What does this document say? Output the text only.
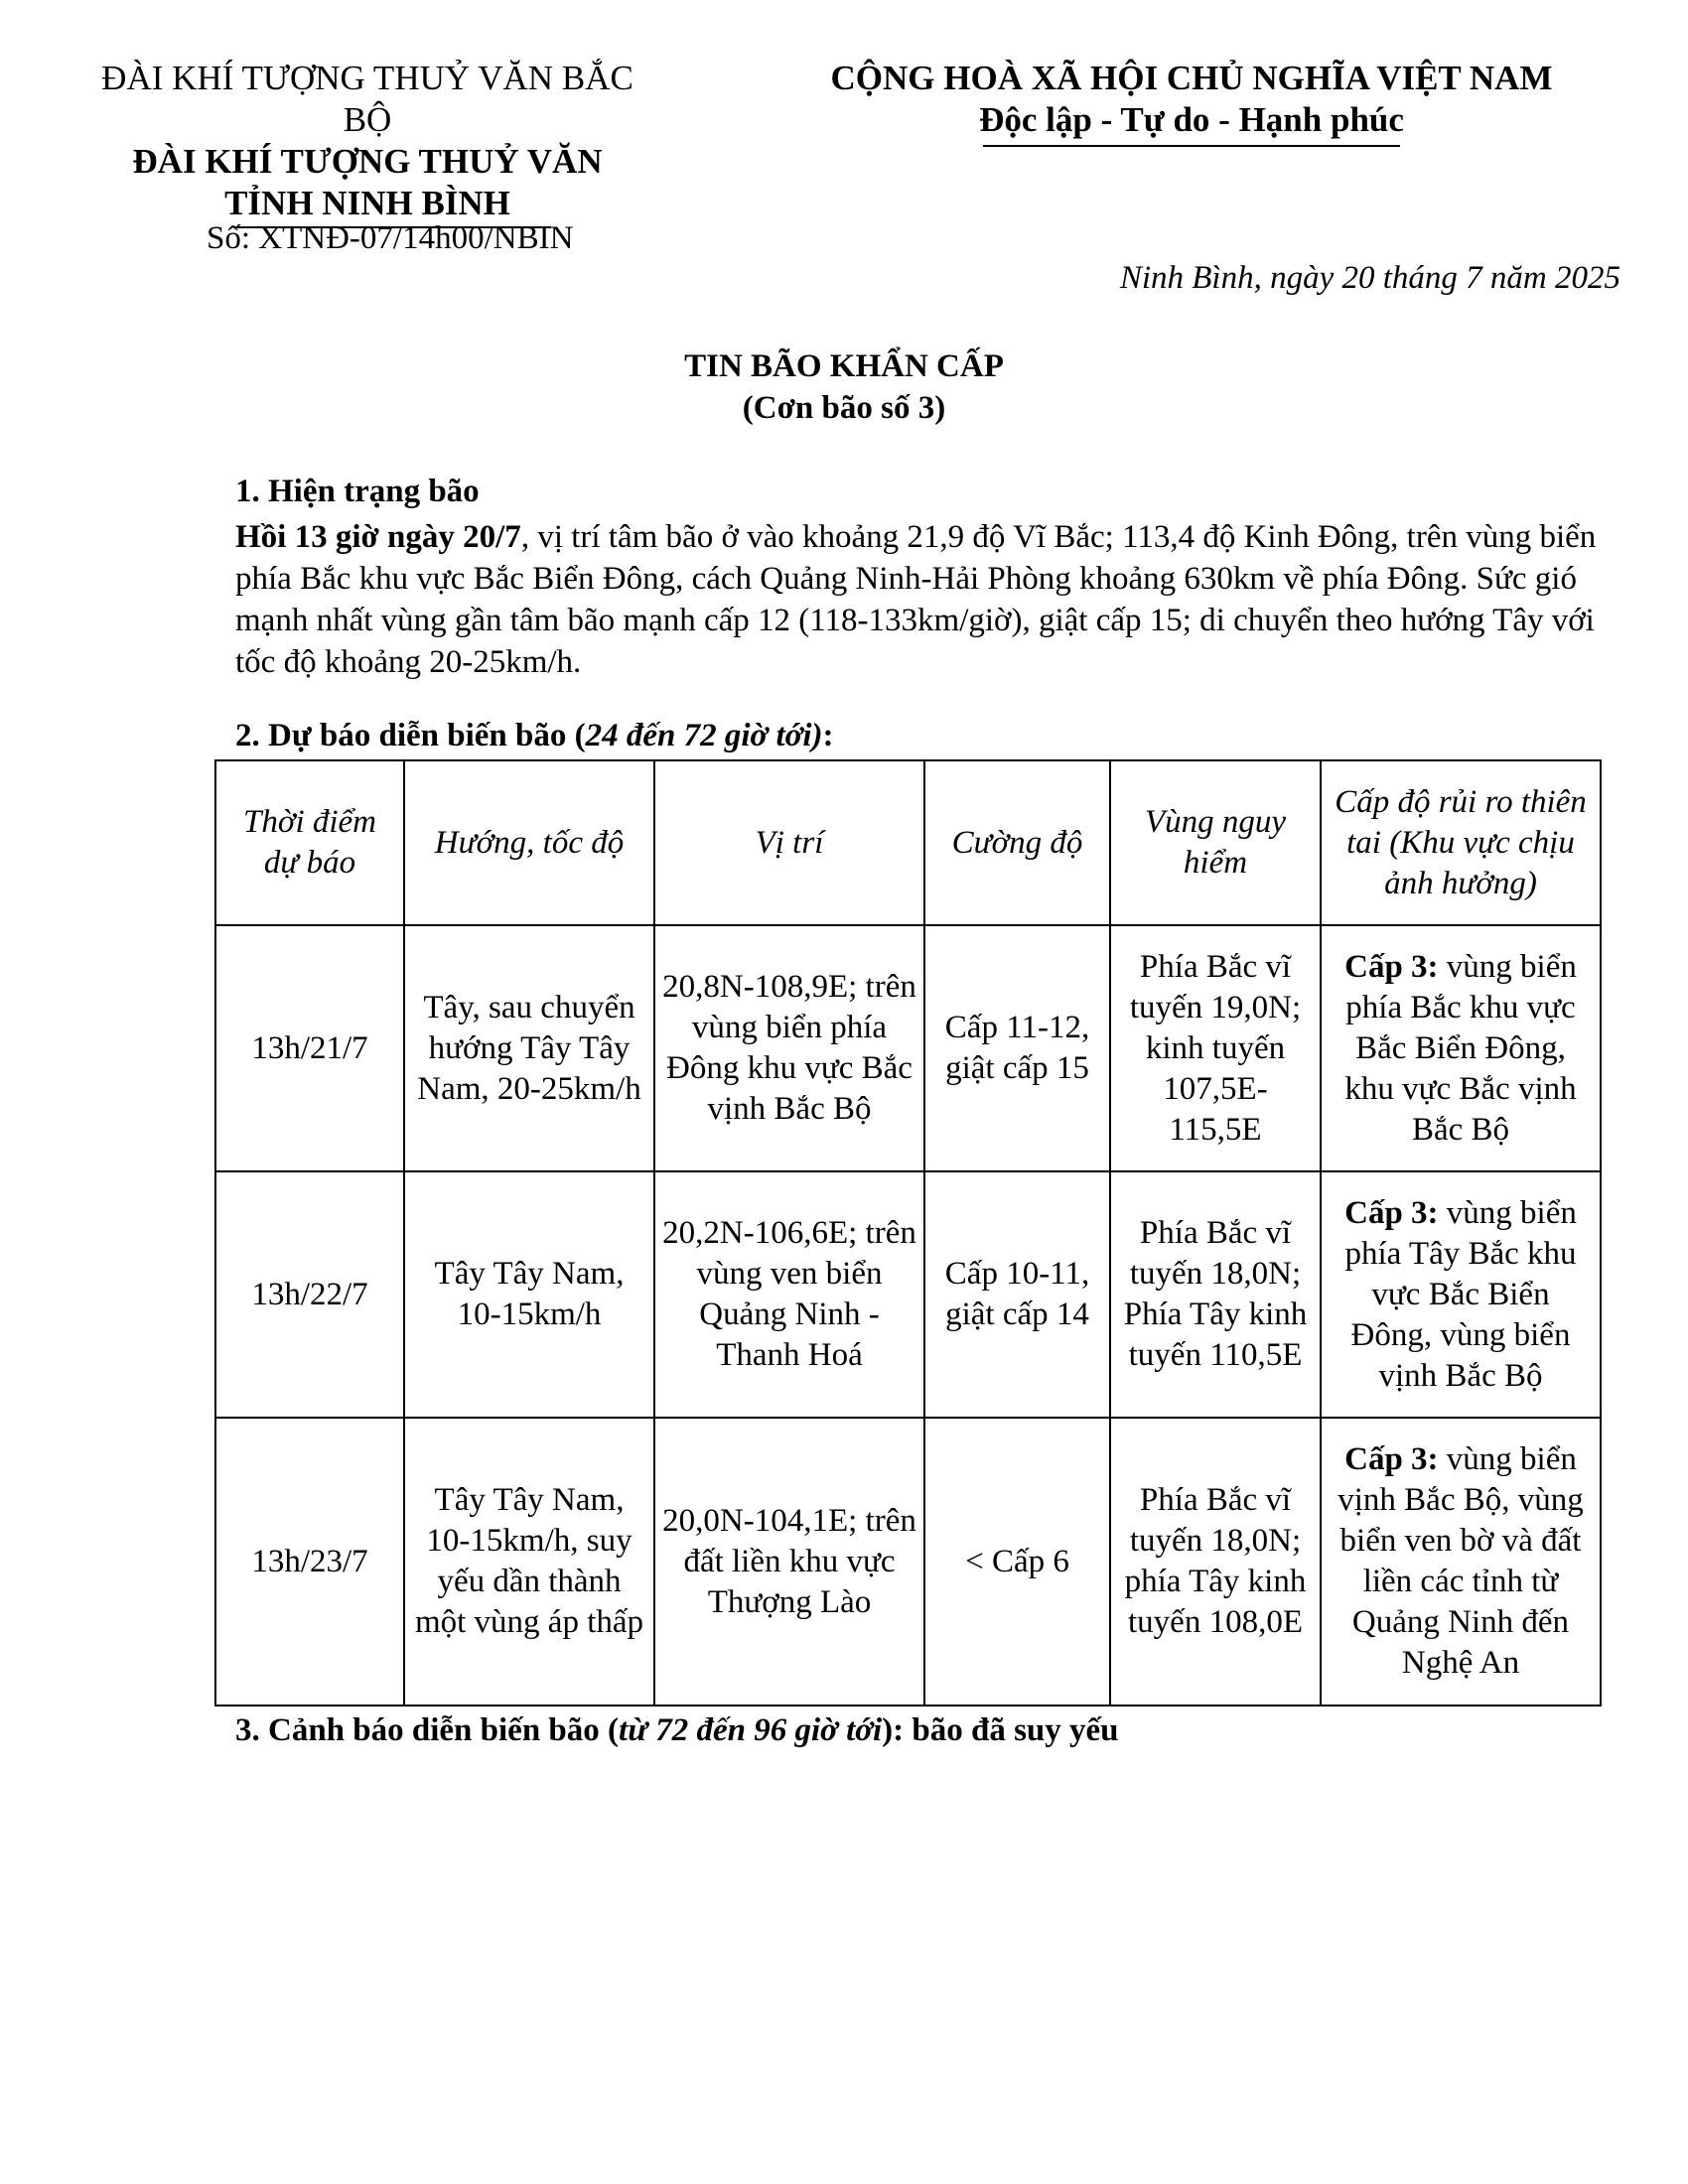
ĐÀI KHÍ TƯỢNG THUỶ VĂN BẮC BỘ
ĐÀI KHÍ TƯỢNG THUỶ VĂN
TỈNH NINH BÌNH
CỘNG HOÀ XÃ HỘI CHỦ NGHĨA VIỆT NAM
Độc lập - Tự do - Hạnh phúc
Số: XTNĐ-07/14h00/NBIN
Ninh Bình, ngày 20 tháng 7 năm 2025
TIN BÃO KHẨN CẤP
(Cơn bão số 3)
1. Hiện trạng bão
Hồi 13 giờ ngày 20/7, vị trí tâm bão ở vào khoảng 21,9 độ Vĩ Bắc; 113,4 độ Kinh Đông, trên vùng biển phía Bắc khu vực Bắc Biển Đông, cách Quảng Ninh-Hải Phòng khoảng 630km về phía Đông. Sức gió mạnh nhất vùng gần tâm bão mạnh cấp 12 (118-133km/giờ), giật cấp 15; di chuyển theo hướng Tây với tốc độ khoảng 20-25km/h.
2. Dự báo diễn biến bão (24 đến 72 giờ tới):
Thời điểm dự báo	Hướng, tốc độ	Vị trí	Cường độ	Vùng nguy hiểm	Cấp độ rủi ro thiên tai (Khu vực chịu ảnh hưởng)
13h/21/7	Tây, sau chuyển hướng Tây Tây Nam, 20-25km/h	20,8N-108,9E; trên vùng biển phía Đông khu vực Bắc vịnh Bắc Bộ	Cấp 11-12, giật cấp 15	Phía Bắc vĩ tuyến 19,0N; kinh tuyến 107,5E-115,5E	Cấp 3: vùng biển phía Bắc khu vực Bắc Biển Đông, khu vực Bắc vịnh Bắc Bộ
13h/22/7	Tây Tây Nam, 10-15km/h	20,2N-106,6E; trên vùng ven biển Quảng Ninh - Thanh Hoá	Cấp 10-11, giật cấp 14	Phía Bắc vĩ tuyến 18,0N; Phía Tây kinh tuyến 110,5E	Cấp 3: vùng biển phía Tây Bắc khu vực Bắc Biển Đông, vùng biển vịnh Bắc Bộ
13h/23/7	Tây Tây Nam, 10-15km/h, suy yếu dần thành một vùng áp thấp	20,0N-104,1E; trên đất liền khu vực Thượng Lào	< Cấp 6	Phía Bắc vĩ tuyến 18,0N; phía Tây kinh tuyến 108,0E	Cấp 3: vùng biển vịnh Bắc Bộ, vùng biển ven bờ và đất liền các tỉnh từ Quảng Ninh đến Nghệ An
3. Cảnh báo diễn biến bão (từ 72 đến 96 giờ tới): bão đã suy yếu
